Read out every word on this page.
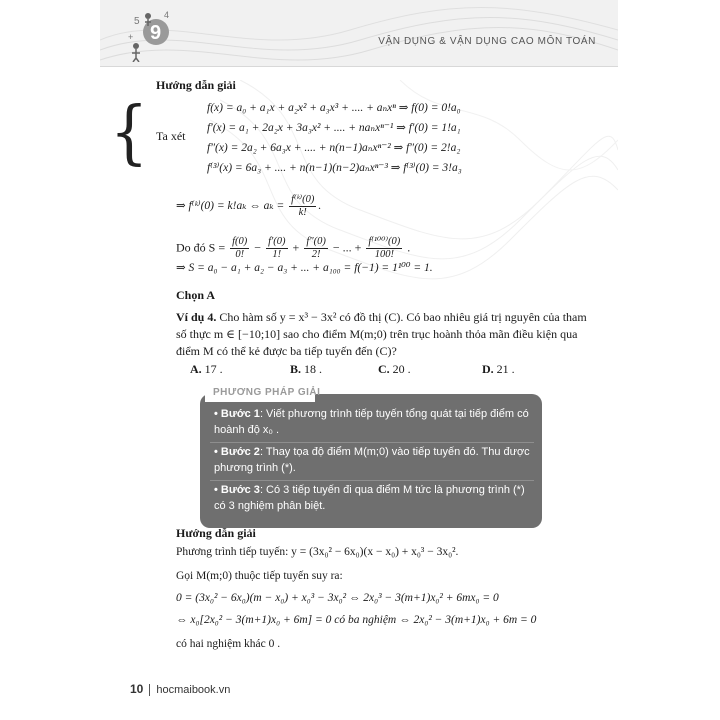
9
5
4
+	VẬN DỤNG & VẬN DỤNG CAO MÔN TOÁN
Hướng dẫn giải
Ta xét
{	f(x) = a₀ + a₁x + a₂x² + a₃x³ + .... + aₙxⁿ ⇒ f(0) = 0!a₀
f′(x) = a₁ + 2a₂x + 3a₃x² + .... + naₙxⁿ⁻¹ ⇒ f′(0) = 1!a₁
f″(x) = 2a₂ + 6a₃x + .... + n(n−1)aₙxⁿ⁻² ⇒ f″(0) = 2!a₂
f⁽³⁾(x) = 6a₃ + .... + n(n−1)(n−2)aₙxⁿ⁻³ ⇒ f⁽³⁾(0) = 3!a₃
⇒ f⁽ᵏ⁾(0) = k!aₖ ⇔ $a_k = \frac{\text{f⁽ᵏ⁾(0)}}{k!}$ .
Do đó $S = \frac{f(0)}{0!} - \frac{f'(0)}{1!} + \frac{f''(0)}{2!}$ − ... + $\frac{\text{f⁽¹⁰⁰⁾(0)}}{100!}$ .
⇒ S = a₀ − a₁ + a₂ − a₃ + ... + a₁₀₀ = f(−1) = 1¹⁰⁰ = 1.
Chọn A
Ví dụ 4. Cho hàm số y = x³ − 3x² có đồ thị (C). Có bao nhiêu giá trị nguyên của tham
số thực m ∈ [−10;10] sao cho điểm M(m;0) trên trục hoành thỏa mãn điều kiện qua
điểm M có thể kẻ được ba tiếp tuyến đến (C)?
A. 17 .	B. 18 .	C. 20 .	D. 21 .
PHƯƠNG PHÁP GIẢI
• Bước 1: Viết phương trình tiếp tuyến tổng quát tại tiếp điểm có hoành độ x₀ .
• Bước 2: Thay tọa độ điểm M(m;0) vào tiếp tuyến đó. Thu được phương trình (*).
• Bước 3: Có 3 tiếp tuyến đi qua điểm M tức là phương trình (*) có 3 nghiệm phân biệt.
Hướng dẫn giải
Phương trình tiếp tuyến: y = (3x₀² − 6x₀)(x − x₀) + x₀³ − 3x₀².
Gọi M(m;0) thuộc tiếp tuyến suy ra:
0 = (3x₀² − 6x₀)(m − x₀) + x₀³ − 3x₀² ⇔ 2x₀³ − 3(m+1)x₀² + 6mx₀ = 0
⇔ x₀[2x₀² − 3(m+1)x₀ + 6m] = 0 có ba nghiệm ⇔ 2x₀² − 3(m+1)x₀ + 6m = 0
có hai nghiệm khác 0 .
10 hocmaibook.vn
